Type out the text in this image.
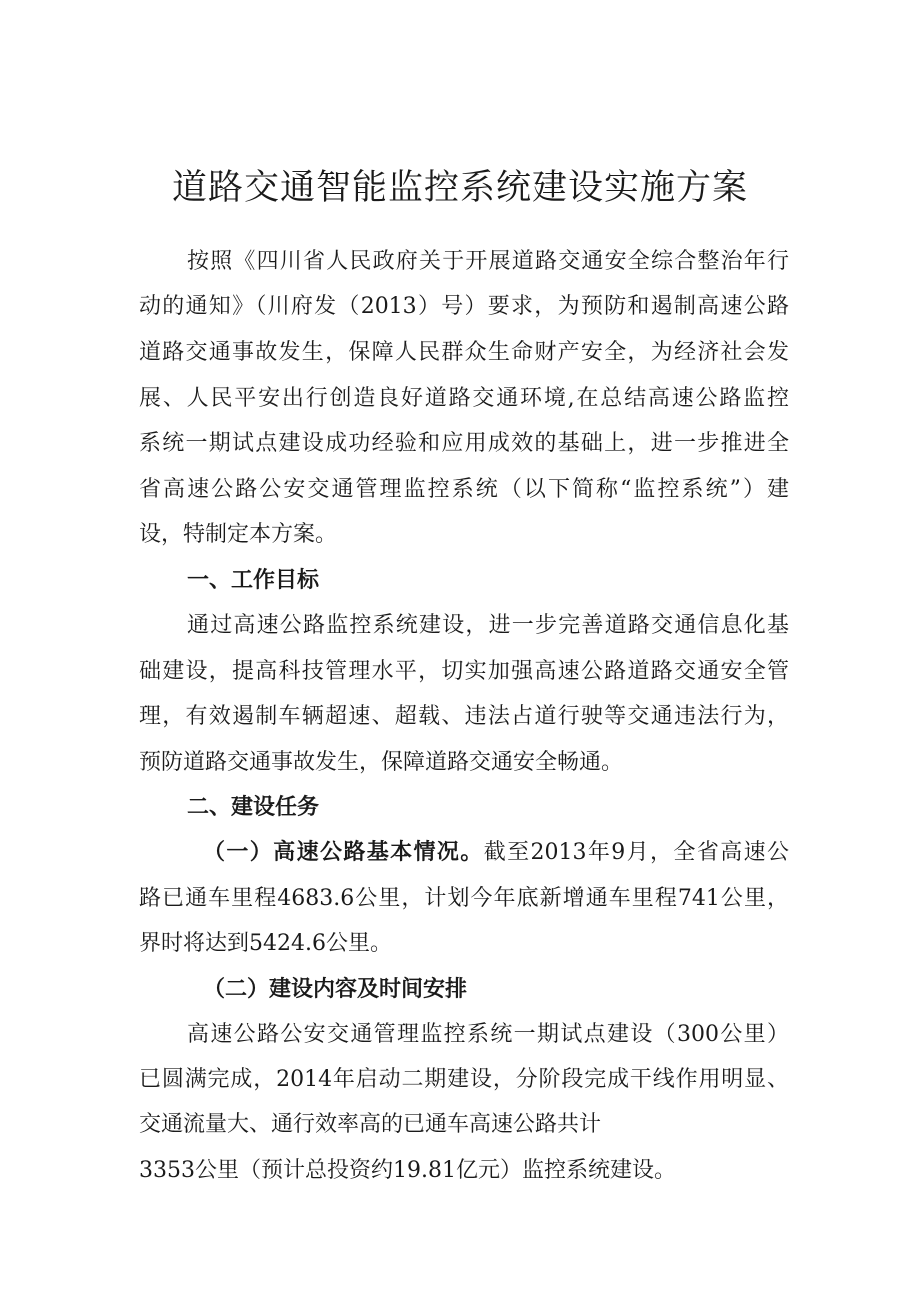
道路交通智能监控系统建设实施方案
按照《四川省人民政府关于开展道路交通安全综合整治年行
动的通知》（川府发（2013）号）要求，为预防和遏制高速公路
道路交通事故发生，保障人民群众生命财产安全，为经济社会发
展、人民平安出行创造良好道路交通环境,在总结高速公路监控
系统一期试点建设成功经验和应用成效的基础上，进一步推进全
省高速公路公安交通管理监控系统（以下简称“监控系统”）建
设，特制定本方案。
一、工作目标
通过高速公路监控系统建设，进一步完善道路交通信息化基
础建设，提高科技管理水平，切实加强高速公路道路交通安全管
理，有效遏制车辆超速、超载、违法占道行驶等交通违法行为，
预防道路交通事故发生，保障道路交通安全畅通。
二、建设任务
（一）高速公路基本情况。截至2013年9月，全省高速公
路已通车里程4683.6公里，计划今年底新增通车里程741公里，
界时将达到5424.6公里。
（二）建设内容及时间安排
高速公路公安交通管理监控系统一期试点建设（300公里）
已圆满完成，2014年启动二期建设，分阶段完成干线作用明显、
交通流量大、通行效率高的已通车高速公路共计
3353公里（预计总投资约19.81亿元）监控系统建设。
